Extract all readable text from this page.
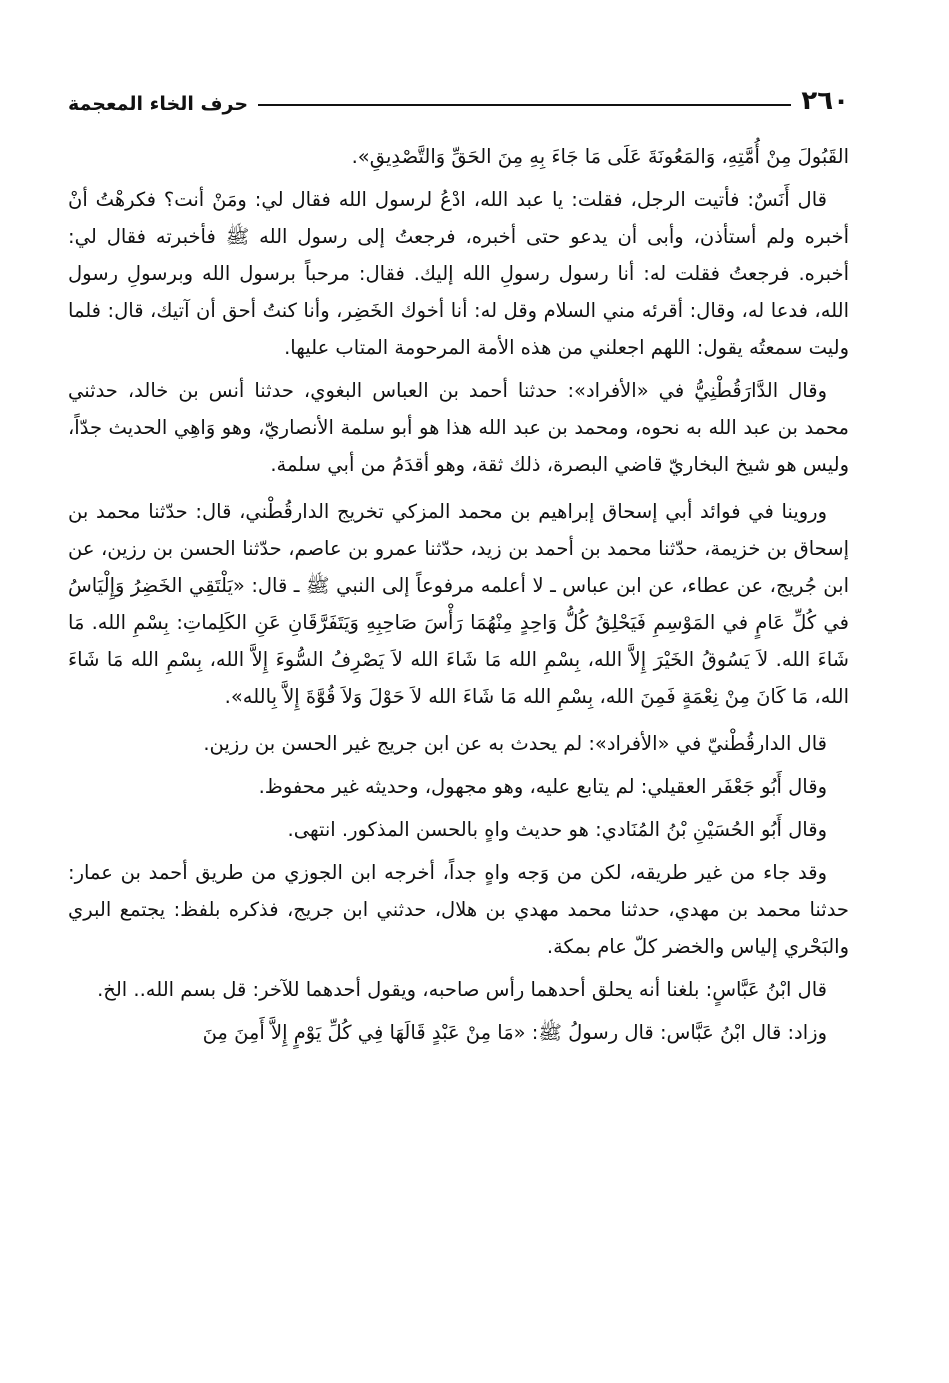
٢٦٠
حرف الخاء المعجمة

القَبُولَ مِنْ أُمَّتِهِ، وَالمَعُونَةَ عَلَى مَا جَاءَ بِهِ مِنَ الحَقِّ وَالتَّصْدِيقِ».

قال أَنَسٌ: فأتيت الرجل، فقلت: يا عبد الله، ادْعُ لرسول الله فقال لي: ومَنْ أنت؟ فكرهْتُ أنْ أخبره ولم أستأذن، وأبى أن يدعو حتى أخبره، فرجعتُ إلى رسول الله ﷺ فأخبرته فقال لي: أخبره. فرجعتُ فقلت له: أنا رسول رسولِ الله إليك. فقال: مرحباً برسول الله وبرسولِ رسول الله، فدعا له، وقال: أقرئه مني السلام وقل له: أنا أخوك الخَضِر، وأنا كنتُ أحق أن آتيك، قال: فلما وليت سمعتُه يقول: اللهم اجعلني من هذه الأمة المرحومة المتاب عليها.

وقال الدَّارَقُطْنِيُّ في «الأفراد»: حدثنا أحمد بن العباس البغوي، حدثنا أنس بن خالد، حدثني محمد بن عبد الله به نحوه، ومحمد بن عبد الله هذا هو أبو سلمة الأنصاريّ، وهو وَاهِي الحديث جدّاً، وليس هو شيخ البخاريّ قاضي البصرة، ذلك ثقة، وهو أقدَمُ من أبي سلمة.

وروينا في فوائد أبي إسحاق إبراهيم بن محمد المزكي تخريج الدارقُطْني، قال: حدّثنا محمد بن إسحاق بن خزيمة، حدّثنا محمد بن أحمد بن زيد، حدّثنا عمرو بن عاصم، حدّثنا الحسن بن رزين، عن ابن جُريج، عن عطاء، عن ابن عباس ـ لا أعلمه مرفوعاً إلى النبي ﷺ ـ قال: «يَلْتَقِي الخَضِرُ وَإِلْيَاسُ في كُلِّ عَامٍ في المَوْسِمِ فَيَحْلِقُ كُلُّ وَاحِدٍ مِنْهُمَا رَأْسَ صَاحِبِهِ وَيَتَفَرَّقَانِ عَنِ الكَلِماتِ: بِسْمِ الله. مَا شَاءَ الله. لاَ يَسُوقُ الخَيْرَ إِلاَّ الله، بِسْمِ الله مَا شَاءَ الله لاَ يَصْرِفُ السُّوءَ إِلاَّ الله، بِسْمِ الله مَا شَاءَ الله، مَا كَانَ مِنْ نِعْمَةٍ فَمِنَ الله، بِسْمِ الله مَا شَاءَ الله لاَ حَوْلَ وَلاَ قُوَّةَ إِلاَّ بِالله».

قال الدارقُطْنيّ في «الأفراد»: لم يحدث به عن ابن جريج غير الحسن بن رزين.

وقال أَبُو جَعْفَر العقيلي: لم يتابع عليه، وهو مجهول، وحديثه غير محفوظ.

وقال أَبُو الحُسَيْنِ بْنُ المُنَادي: هو حديث واهٍ بالحسن المذكور. انتهى.

وقد جاء من غير طريقه، لكن من وَجه واهٍ جداً، أخرجه ابن الجوزي من طريق أحمد بن عمار: حدثنا محمد بن مهدي، حدثنا محمد مهدي بن هلال، حدثني ابن جريج، فذكره بلفظ: يجتمع البري والبَحْري إلياس والخضر كلّ عام بمكة.

قال ابْنُ عَبَّاسٍ: بلغنا أنه يحلق أحدهما رأس صاحبه، ويقول أحدهما للآخر: قل بسم الله.. الخ.

وزاد: قال ابْنُ عَبَّاس: قال رسولُ ﷺ: «مَا مِنْ عَبْدٍ قَالَهَا فِي كُلِّ يَوْمٍ إِلاَّ أَمِنَ مِنَ
